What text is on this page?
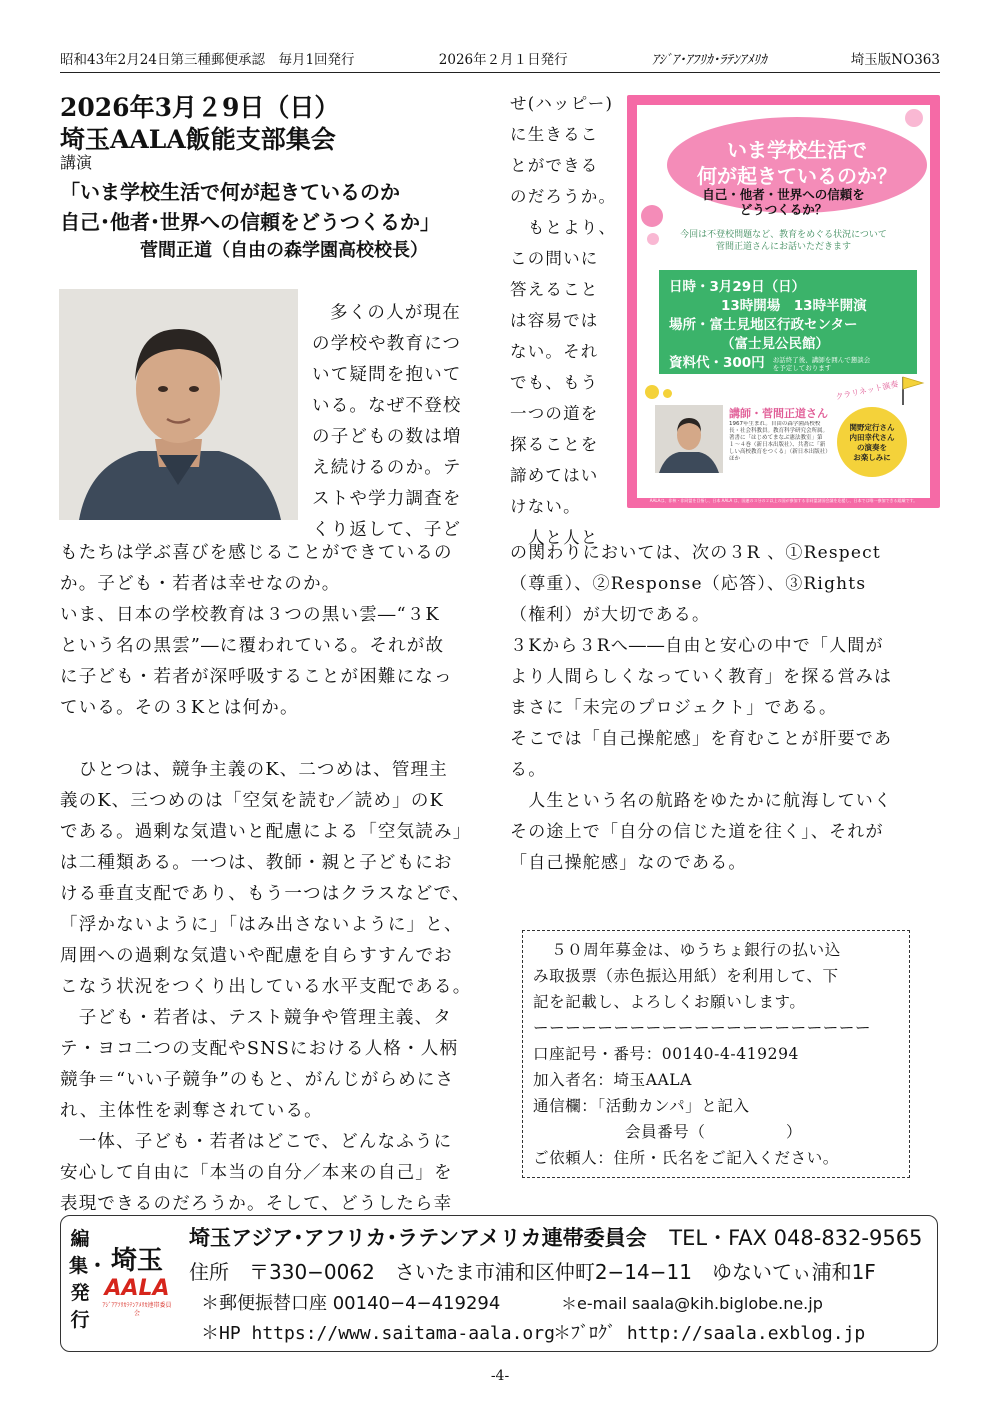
昭和43年2月24日第三種郵便承認　毎月1回発行	2026年２月１日発行	ｱｼﾞｱ･ｱﾌﾘｶ･ﾗﾃﾝｱﾒﾘｶ	埼玉版NO363
2026年3月２9日（日）
埼玉AALA飯能支部集会
講演
「いま学校生活で何が起きているのか
自己･他者･世界への信頼をどうつくるか」
菅間正道（自由の森学園高校校長）
多くの人が現在
の学校や教育につ
いて疑問を抱いて
いる。なぜ不登校
の子どもの数は増
え続けるのか。テ
ストや学力調査を
くり返して、子ど
もたちは学ぶ喜びを感じることができているの
か。子ども・若者は幸せなのか。
いま、日本の学校教育は３つの黒い雲―“３K
という名の黒雲”―に覆われている。それが故
に子ども・若者が深呼吸することが困難になっ
ている。その３Kとは何か。
　ひとつは、競争主義のK、二つめは、管理主
義のK、三つめのは「空気を読む／読め」のK
である。過剰な気遣いと配慮による「空気読み」
は二種類ある。一つは、教師・親と子どもにお
ける垂直支配であり、もう一つはクラスなどで、
「浮かないように」「はみ出さないように」と、
周囲への過剰な気遣いや配慮を自らすすんでお
こなう状況をつくり出している水平支配である。
　子ども・若者は、テスト競争や管理主義、タ
テ・ヨコ二つの支配やSNSにおける人格・人柄
競争＝“いい子競争”のもと、がんじがらめにさ
れ、主体性を剥奪されている。
　一体、子ども・若者はどこで、どんなふうに
安心して自由に「本当の自分／本来の自己」を
表現できるのだろうか。そして、どうしたら幸
せ(ハッピー)
に生きるこ
とができる
のだろうか。
　もとより、
この問いに
答えること
は容易では
ない。それ
でも、もう
一つの道を
探ることを
諦めてはい
けない。
　人と人と
の関わりにおいては、次の３R 、①Respect
（尊重）、②Response（応答）、③Rights
（権利）が大切である。
３Kから３Rへ――自由と安心の中で「人間が
より人間らしくなっていく教育」を探る営みは
まさに「未完のプロジェクト」である。
そこでは「自己操舵感」を育むことが肝要であ
る。
　人生という名の航路をゆたかに航海していく
その途上で「自分の信じた道を往く」、それが
「自己操舵感」なのである。
いま学校生活で
何が起きているのか？
自己・他者・世界への信頼を
どうつくるか？
今回は不登校問題など、教育をめぐる状況について
菅間正道さんにお話いただきます
日時・3月29日（日）
13時開場　13時半開演
場所・富士見地区行政センター
（富士見公民館）
資料代・300円 お話終了後、講師を囲んで懇談会を予定しております
講師・菅間正道さん
1967年生まれ。自由の森学園高校校長・社会科教員。教育科学研究会所属。著書に「はじめてまなぶ憲法教室」第１〜４巻（新日本出版社）、共著に「新しい高校教育をつくる」（新日本出版社）ほか
クラリネット演奏
関野定行さん
内田幸代さん
の演奏を
お楽しみに
主催／埼玉アジア・アフリカ・ラテンアメリカ連帯委員会 飯能支部
連絡先／090-1122-2156（菅間 徹）
AALAは、非核・非同盟を目指し、日本 AALA は、国連の３分の２以上の国が参加する非同盟諸国会議を応援し、日本では唯一参加できる組織です。
５０周年募金は、ゆうちょ銀行の払い込
み取扱票（赤色振込用紙）を利用して、下
記を記載し、よろしくお願いします。
ーーーーーーーーーーーーーーーーーーーーー
口座記号・番号：00140-4-419294
加入者名：埼玉AALA
通信欄：「活動カンパ」と記入
会員番号（　　　　　）
ご依頼人：住所・氏名をご記入ください。
編集・発行
埼玉
AALA
ｱｼﾞｱｱﾌﾘｶﾗﾃﾝｱﾒﾘｶ連帯委員会
埼玉アジア･アフリカ･ラテンアメリカ連帯委員会 TEL・FAX 048-832-9565
住所　〒330−0062　さいたま市浦和区仲町2−14−11　ゆないてぃ浦和1F
＊郵便振替口座 00140−4−419294	＊e-mail saala@kih.biglobe.ne.jp
＊HP https://www.saitama-aala.org
＊ﾌﾞﾛｸﾞ http://saala.exblog.jp
-4-
